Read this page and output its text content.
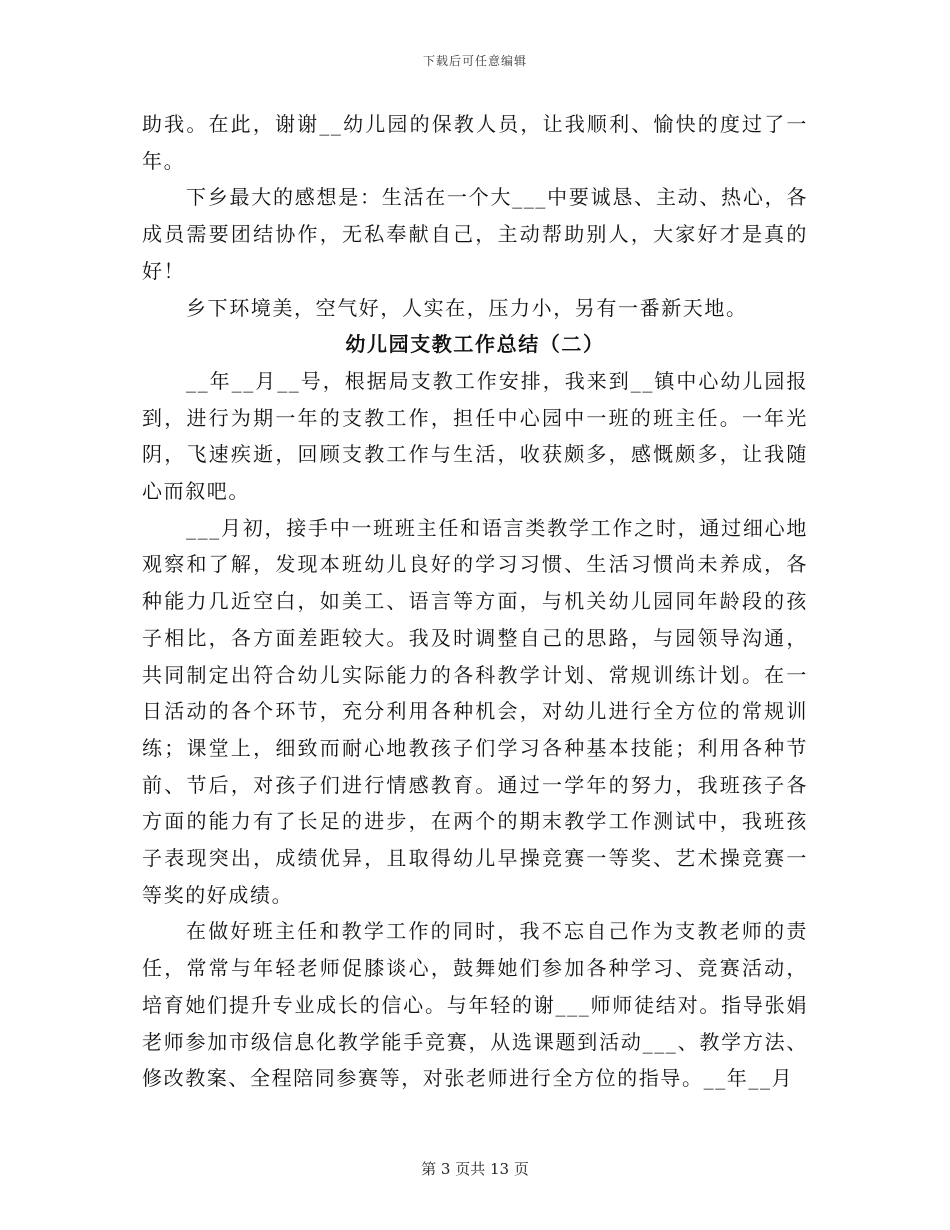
下载后可任意编辑

助我。在此，谢谢__幼儿园的保教人员，让我顺利、愉快的度过了一年。

下乡最大的感想是：生活在一个大___中要诚恳、主动、热心，各成员需要团结协作，无私奉献自己，主动帮助别人，大家好才是真的好！

乡下环境美，空气好，人实在，压力小，另有一番新天地。

幼儿园支教工作总结（二）

__年__月__号，根据局支教工作安排，我来到__镇中心幼儿园报到，进行为期一年的支教工作，担任中心园中一班的班主任。一年光阴，飞速疾逝，回顾支教工作与生活，收获颇多，感慨颇多，让我随心而叙吧。

___月初，接手中一班班主任和语言类教学工作之时，通过细心地观察和了解，发现本班幼儿良好的学习习惯、生活习惯尚未养成，各种能力几近空白，如美工、语言等方面，与机关幼儿园同年龄段的孩子相比，各方面差距较大。我及时调整自己的思路，与园领导沟通，共同制定出符合幼儿实际能力的各科教学计划、常规训练计划。在一日活动的各个环节，充分利用各种机会，对幼儿进行全方位的常规训练；课堂上，细致而耐心地教孩子们学习各种基本技能；利用各种节前、节后，对孩子们进行情感教育。通过一学年的努力，我班孩子各方面的能力有了长足的进步，在两个的期末教学工作测试中，我班孩子表现突出，成绩优异，且取得幼儿早操竞赛一等奖、艺术操竞赛一等奖的好成绩。

在做好班主任和教学工作的同时，我不忘自己作为支教老师的责任，常常与年轻老师促膝谈心，鼓舞她们参加各种学习、竞赛活动，培育她们提升专业成长的信心。与年轻的谢___师师徒结对。指导张娟老师参加市级信息化教学能手竞赛，从选课题到活动___、教学方法、修改教案、全程陪同参赛等，对张老师进行全方位的指导。__年__月

第 3 页共 13 页
